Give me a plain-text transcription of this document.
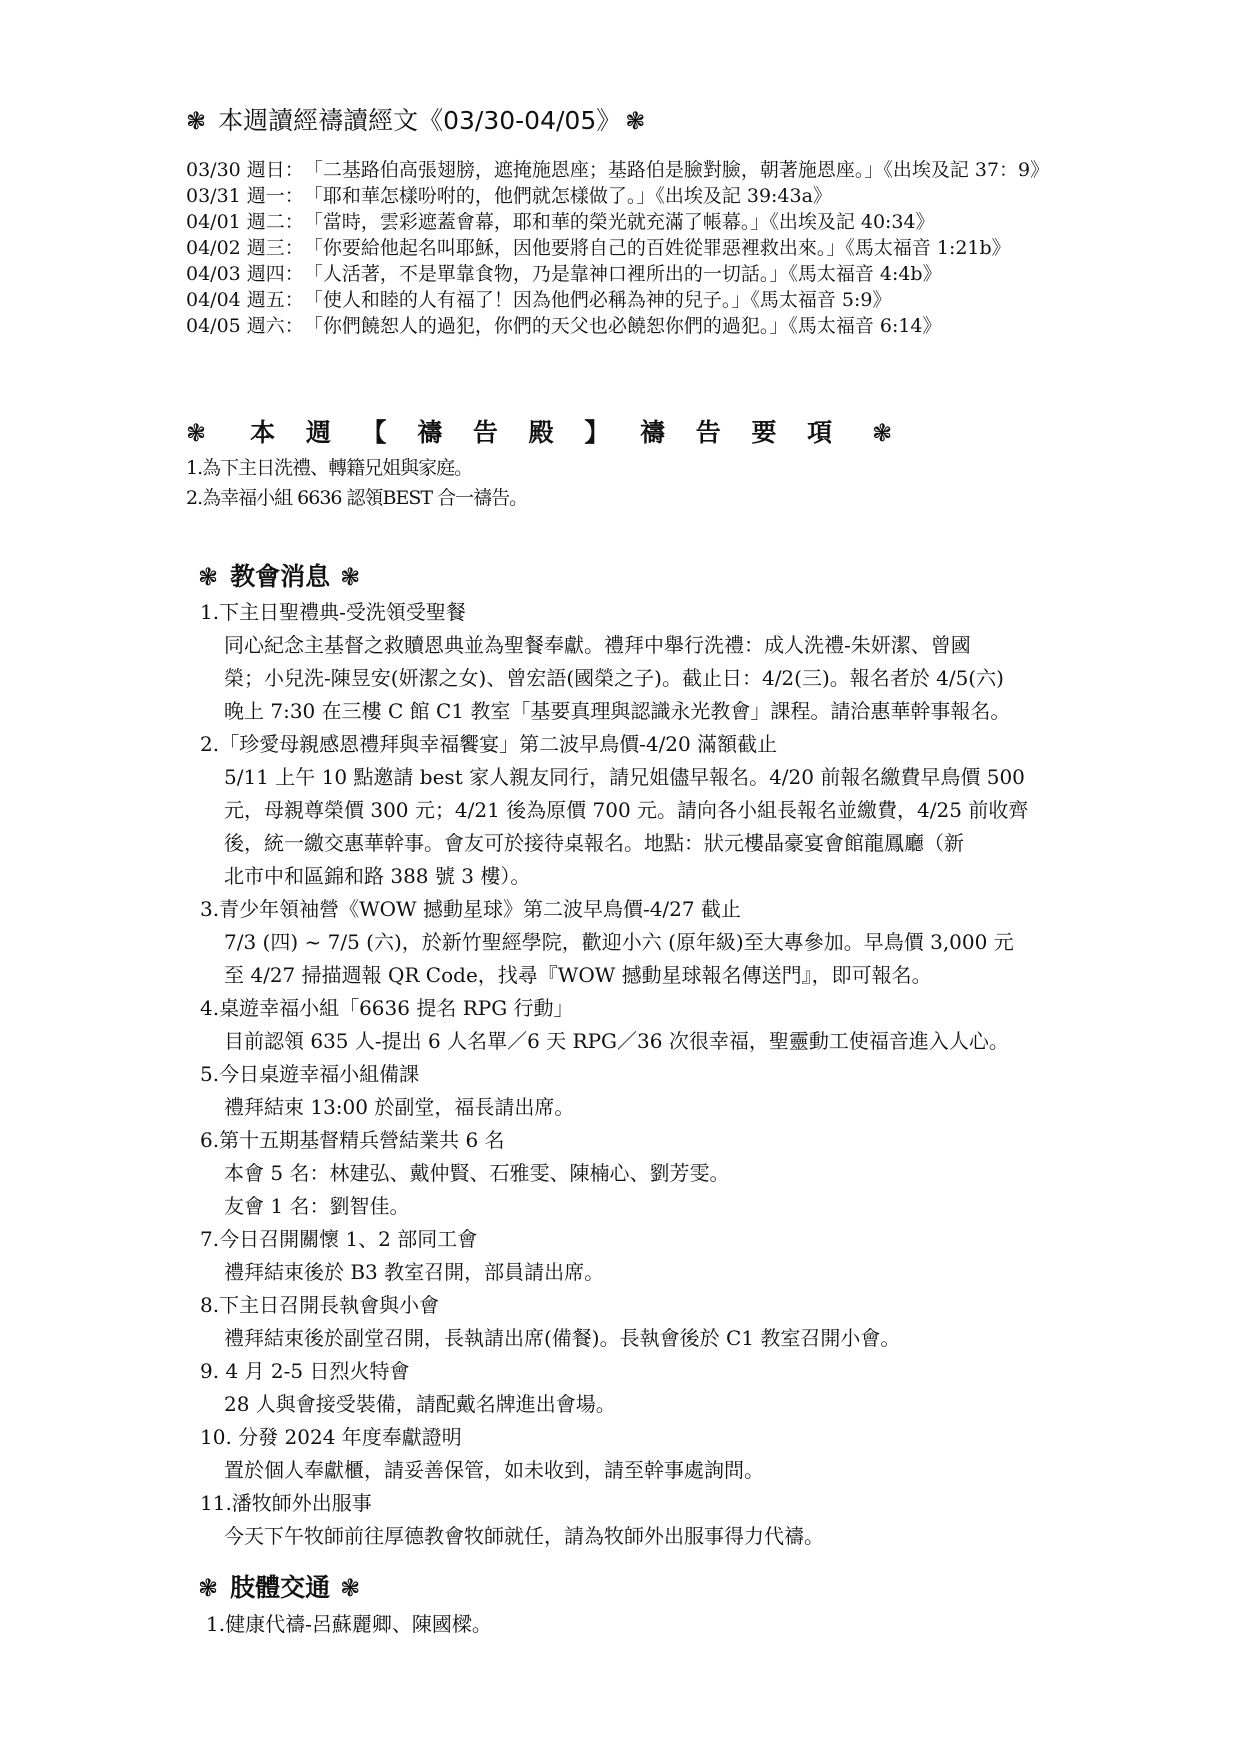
❃ 本週讀經禱讀經文《03/30-04/05》 ❃
03/30 週日 ： 「二基路伯高張翅膀，遮掩施恩座；基路伯是臉對臉，朝著施恩座。」《出埃及記 37：9》
03/31 週一 ： 「耶和華怎樣吩咐的，他們就怎樣做了。」《出埃及記 39:43a》
04/01 週二 ： 「當時，雲彩遮蓋會幕，耶和華的榮光就充滿了帳幕。」《出埃及記 40:34》
04/02 週三 ： 「你要給他起名叫耶穌，因他要將自己的百姓從罪惡裡救出來。」《馬太福音 1:21b》
04/03 週四 ： 「人活著，不是單靠食物，乃是靠神口裡所出的一切話。」《馬太福音 4:4b》
04/04 週五 ： 「使人和睦的人有福了！因為他們必稱為神的兒子。」《馬太福音 5:9》
04/05 週六 ： 「你們饒恕人的過犯，你們的天父也必饒恕你們的過犯。」《馬太福音 6:14》
❃ 本 週 【 禱 告 殿 】 禱 告 要 項 ❃
1.為下主日洗禮、轉籍兄姐與家庭。
2.為幸福小組 6636 認領BEST 合一禱告。
❃ 教會消息 ❃
1.下主日聖禮典-受洗領受聖餐
同心紀念主基督之救贖恩典並為聖餐奉獻。禮拜中舉行洗禮：成人洗禮-朱妍潔、曾國
榮；小兒洗-陳昱安(妍潔之女)、曾宏語(國榮之子)。截止日：4/2(三)。報名者於 4/5(六)
晚上 7:30 在三樓 C 館 C1 教室「基要真理與認識永光教會」課程。請洽惠華幹事報名。
2.「珍愛母親感恩禮拜與幸福饗宴」第二波早鳥價-4/20 滿額截止
5/11 上午 10 點邀請 best 家人親友同行，請兄姐儘早報名。4/20 前報名繳費早鳥價 500
元，母親尊榮價 300 元；4/21 後為原價 700 元。請向各小組長報名並繳費，4/25 前收齊
後，統一繳交惠華幹事。會友可於接待桌報名。地點：狀元樓晶豪宴會館龍鳳廳（新
北市中和區錦和路 388 號 3 樓）。
3.青少年領袖營《WOW 撼動星球》第二波早鳥價-4/27 截止
7/3 (四) ~ 7/5 (六)，於新竹聖經學院，歡迎小六 (原年級)至大專參加。早鳥價 3,000 元
至 4/27 掃描週報 QR Code，找尋『WOW 撼動星球報名傳送門』，即可報名。
4.桌遊幸福小組「6636 提名 RPG 行動」
目前認領 635 人-提出 6 人名單／6 天 RPG／36 次很幸福，聖靈動工使福音進入人心。
5.今日桌遊幸福小組備課
禮拜結束 13:00 於副堂，福長請出席。
6.第十五期基督精兵營結業共 6 名
本會 5 名：林建弘、戴仲賢、石雅雯、陳楠心、劉芳雯。
友會 1 名：劉智佳。
7.今日召開關懷 1、2 部同工會
禮拜結束後於 B3 教室召開，部員請出席。
8.下主日召開長執會與小會
禮拜結束後於副堂召開，長執請出席(備餐)。長執會後於 C1 教室召開小會。
9. 4 月 2-5 日烈火特會
28 人與會接受裝備，請配戴名牌進出會場。
10. 分發 2024 年度奉獻證明
置於個人奉獻櫃，請妥善保管，如未收到，請至幹事處詢問。
11.潘牧師外出服事
今天下午牧師前往厚德教會牧師就任，請為牧師外出服事得力代禱。
❃ 肢體交通 ❃
1.健康代禱-呂蘇麗卿、陳國樑。
